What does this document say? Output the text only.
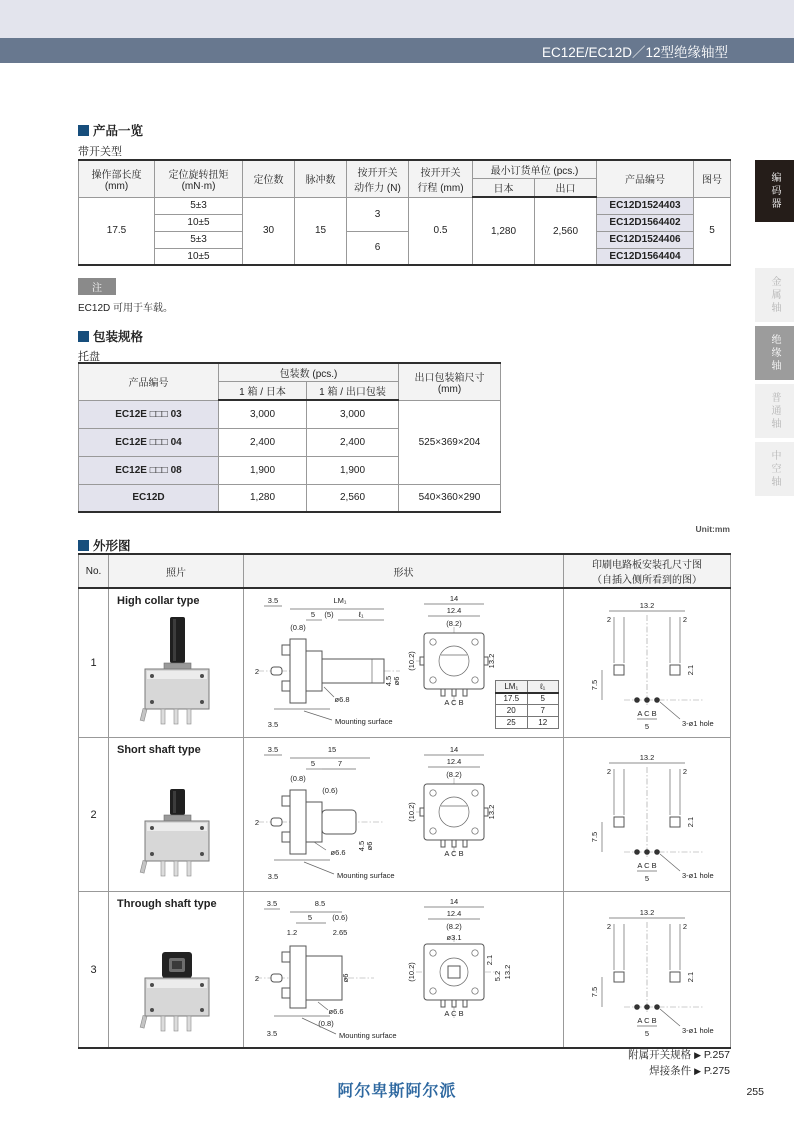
EC12E/EC12D／12型绝缘轴型
编码器
金属轴
绝缘轴
普通轴
中空轴
产品一览
带开关型
操作部长度
(mm)

定位旋转扭矩
(mN·m)	定位数	脉冲数	
按开开关
动作力 (N)

按开开关
行程 (mm)
	最小订货单位 (pcs.)	产品编号	图号
						日本	出口		
17.5	5±3	30	15	3	0.5	1,280	2,560	EC12D1524403	5
	10±5							EC12D1564402	
	5±3			6				EC12D1524406	
	10±5							EC12D1564404	
注
EC12D 可用于车载。
包装规格
托盘
产品编号	包装数 (pcs.)		出口包装箱尺寸
(mm)

	1 箱 / 日本	1 箱 / 出口包装	
EC12E □□□ 03	3,000	3,000	525×369×204
EC12E □□□ 04	2,400	2,400	
EC12E □□□ 08	1,900	1,900	
EC12D	1,280	2,560	540×360×290
外形图
Unit:mm
No.	照片	形状	
印刷电路板安装孔尺寸图
（自插入侧所看到的图）

1	
High collar type	3.5	LM₁
5 (5)	ℓ₁
(0.8)
2
ø6.8
4.5 ø6
3.5	Mounting surface
14
12.4
(8.2)
(10.2)	13.2
A C B
LM₁	ℓ₁
17.5	5
20	7
25	12

13.2
2	2
2.1
7.5
A C B
5	3-ø1 hole

2	
Short shaft type	3.5	15
5	7
(0.8)
(0.6)
2
ø6.6
4.5 ø6
3.5	Mounting surface
14
12.4
(8.2)
(10.2)	13.2
A C B

13.2
2	2
2.1
7.5
A C B
5	3-ø1 hole

3	
Through shaft type	3.5	8.5
5	(0.6)
1.2	2.65
2	ø6
ø6.6
(0.8)
3.5	Mounting surface
14
12.4
(8.2)
ø3.1
(10.2)
2.1
5.2 13.2
A C B

13.2
2	2
2.1
7.5
A C B
5	3-ø1 hole
附属开关规格 ▶ P.257
焊接条件 ▶ P.275
阿尔卑斯阿尔派	255
